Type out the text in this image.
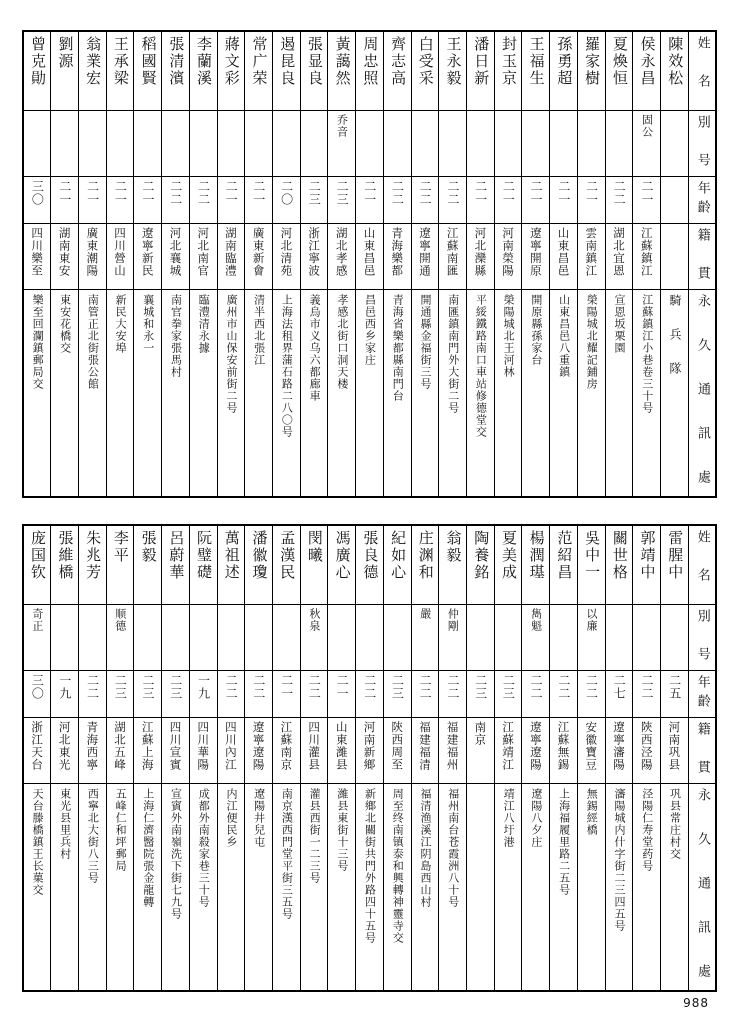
曾克勛	劉源	翁業宏	王承梁	稻國賢	張清濱	李蘭溪	蔣文彩	常广荣	遏昆良	張显良	黃藹然	周忠照	齊志高	白受采	王永毅	潘日新	封玉京	王福生	孫勇超	羅家樹	夏煥恒	侯永昌	陳效松	姓　名

											乔音											固公		別　号

三〇	二一	二一	二一	二一	二二	二二	二一	二一	二〇	二三	二三	二一	二二	二二	二二	二一	二一	二一	二一	二一	二二	二一		年齡

四川樂至	湖南東安	廣東潮陽	四川營山	遼寧新民	河北襄城	河北南官	湖南臨澧	廣東新會	河北清苑	浙江寧波	湖北孝感	山東昌邑	青海樂都	遼寧開通	江蘇南匯	河北灤縣	河南榮陽	遼寧開原	山東昌邑	雲南鎮江	湖北宜恩	江蘇鎮江		籍　貫

樂至回瀾鎮郵局交	東安花橋交	南管正北街張公館	新民大安埠	襄城和永一	南官拳家張馬村	臨澧清永據	廣州市山保安前街二号	清半西北張江	上海法租界蒲石路二八〇号	義烏市义乌六都廊車	孝感北街口洞天楼	昌邑西乡家庄	青海省樂都縣南門台	開通縣金福街三号	南匯鎮南門外大街二号	平綏鐵路南口車站修德堂交	榮陽城北王河林	開原縣孫家台	山東昌邑八重鎮	榮陽城北耀記鋪房	宣恩坂栗園	江蘇鎮江小巷卷三十号	騎　兵　隊	永　久　通　訊　處
庞国钦	張維橋	朱兆芳	李平	張毅	呂蔚華	阮璧礎	萬祖述	潘徽瓊	孟漢民	閔曦	馮廣心	張良德	紀如心	庄渊和	翁毅	陶養銘	夏美成	楊潤璂	范紹昌	吳中一	關世格	郭靖中	雷腥中	姓　名

奇正			顺德							秋泉				嚴	仲剛			雋魁		以廉				別　号

三〇	一九	二二	二三	二三	二三	一九	二二	二二	二一	二二	二一	二二	二三	二二	二二	二三	二三	二二	二二	二二	二七	二二	二五	年齡

浙江天台	河北東光	青海西寧	湖北五峰	江蘇上海	四川宣賓	四川華陽	四川內江	遼寧遼陽	江蘇南京	四川灌县	山東濰县	河南新鄉	陝西周至	福建福清	福建福州	南京	江蘇靖江	遼寧遼陽	江蘇無錫	安徽寶豆	遼寧瀋陽	陝西泾陽	河南巩县	籍　貫

天台滕橋鎮王长菓交	東光县里兵村	西寧北大街八三号	五峰仁和坪郵局	上海仁濟醫院張金龍轉	宣賓外南嶺洗下街七九号	成都外南殺家巷三十号	内江便民乡	遼陽井兒屯	南京漢西門堂平街三五号	灌县西街一二三号	濰县東街十三号	新鄉北關街共門外路四十五号	周至终南镇泰和興轉神靈寺交	福清渔溪江阴島西山村	福州南台苍霞洲八十号		靖江八圩港	遼陽八夕庄	上海福履里路二五号	無錫經橋	瀋陽城内什字街二三四五号	泾陽仁寿堂药号	巩县常庄村交	永　久　通　訊　處
988
